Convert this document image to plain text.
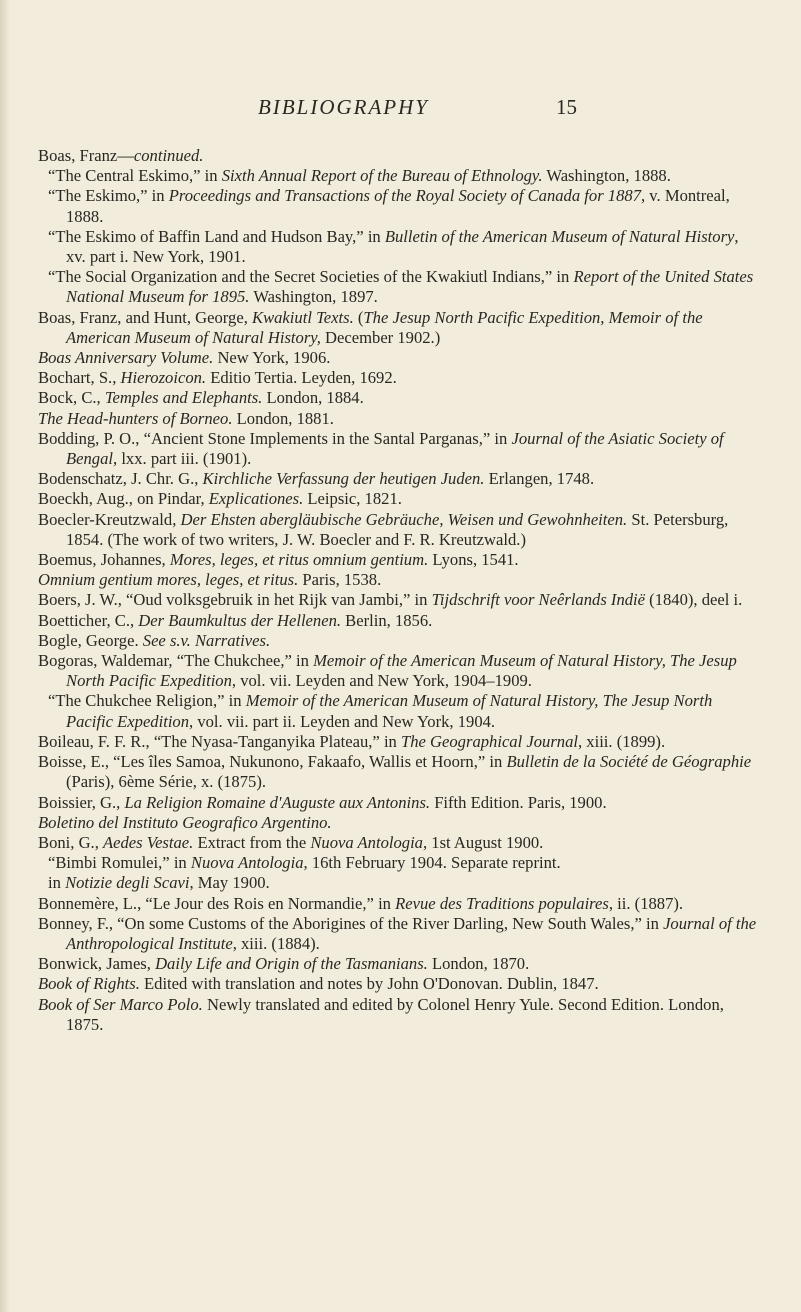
BIBLIOGRAPHY	15

Boas, Franz—continued.

“The Central Eskimo,” in Sixth Annual Report of the Bureau of Ethnology. Washington, 1888.

“The Eskimo,” in Proceedings and Transactions of the Royal Society of Canada for 1887, v. Montreal, 1888.

“The Eskimo of Baffin Land and Hudson Bay,” in Bulletin of the American Museum of Natural History, xv. part i. New York, 1901.

“The Social Organization and the Secret Societies of the Kwakiutl Indians,” in Report of the United States National Museum for 1895. Washington, 1897.

Boas, Franz, and Hunt, George, Kwakiutl Texts. (The Jesup North Pacific Expedition, Memoir of the American Museum of Natural History, December 1902.)

Boas Anniversary Volume. New York, 1906.

Bochart, S., Hierozoicon. Editio Tertia. Leyden, 1692.

Bock, C., Temples and Elephants. London, 1884.

The Head-hunters of Borneo. London, 1881.

Bodding, P. O., “Ancient Stone Implements in the Santal Parganas,” in Journal of the Asiatic Society of Bengal, lxx. part iii. (1901).

Bodenschatz, J. Chr. G., Kirchliche Verfassung der heutigen Juden. Erlangen, 1748.

Boeckh, Aug., on Pindar, Explicationes. Leipsic, 1821.

Boecler-Kreutzwald, Der Ehsten abergläubische Gebräuche, Weisen und Gewohnheiten. St. Petersburg, 1854. (The work of two writers, J. W. Boecler and F. R. Kreutzwald.)

Boemus, Johannes, Mores, leges, et ritus omnium gentium. Lyons, 1541.

Omnium gentium mores, leges, et ritus. Paris, 1538.

Boers, J. W., “Oud volksgebruik in het Rijk van Jambi,” in Tijdschrift voor Neêrlands Indië (1840), deel i.

Boetticher, C., Der Baumkultus der Hellenen. Berlin, 1856.

Bogle, George. See s.v. Narratives.

Bogoras, Waldemar, “The Chukchee,” in Memoir of the American Museum of Natural History, The Jesup North Pacific Expedition, vol. vii. Leyden and New York, 1904–1909.

“The Chukchee Religion,” in Memoir of the American Museum of Natural History, The Jesup North Pacific Expedition, vol. vii. part ii. Leyden and New York, 1904.

Boileau, F. F. R., “The Nyasa-Tanganyika Plateau,” in The Geographical Journal, xiii. (1899).

Boisse, E., “Les îles Samoa, Nukunono, Fakaafo, Wallis et Hoorn,” in Bulletin de la Société de Géographie (Paris), 6ème Série, x. (1875).

Boissier, G., La Religion Romaine d'Auguste aux Antonins. Fifth Edition. Paris, 1900.

Boletino del Instituto Geografico Argentino.

Boni, G., Aedes Vestae. Extract from the Nuova Antologia, 1st August 1900.

“Bimbi Romulei,” in Nuova Antologia, 16th February 1904. Separate reprint.

in Notizie degli Scavi, May 1900.

Bonnemère, L., “Le Jour des Rois en Normandie,” in Revue des Traditions populaires, ii. (1887).

Bonney, F., “On some Customs of the Aborigines of the River Darling, New South Wales,” in Journal of the Anthropological Institute, xiii. (1884).

Bonwick, James, Daily Life and Origin of the Tasmanians. London, 1870.

Book of Rights. Edited with translation and notes by John O'Donovan. Dublin, 1847.

Book of Ser Marco Polo. Newly translated and edited by Colonel Henry Yule. Second Edition. London, 1875.
